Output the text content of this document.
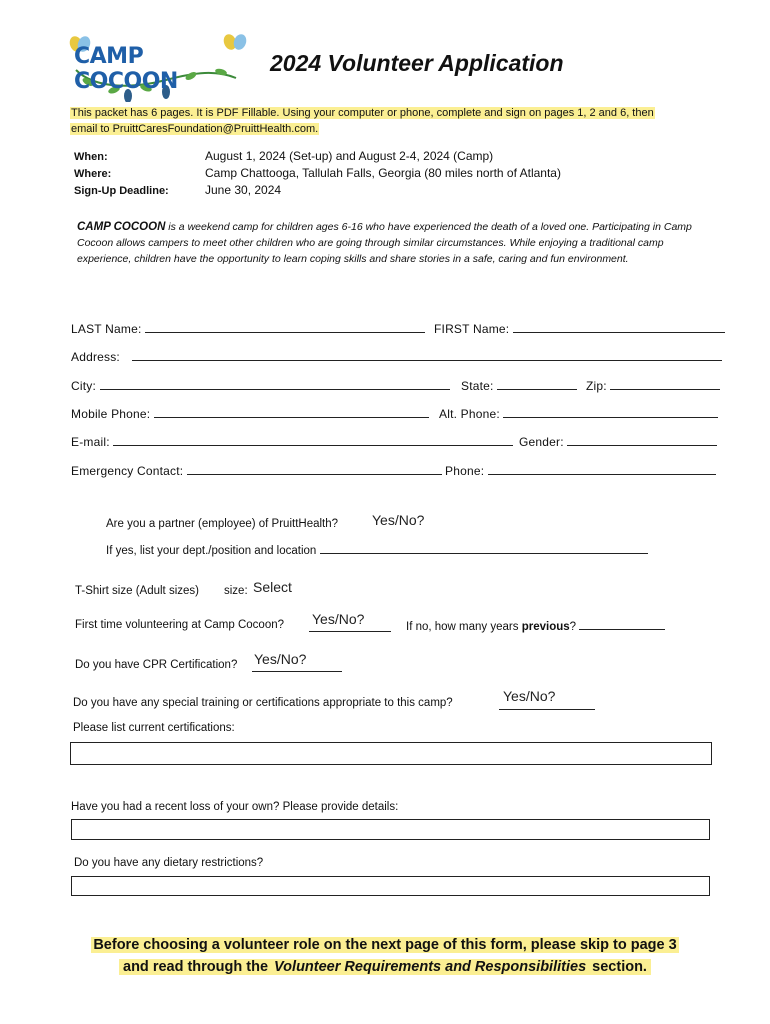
CAMP COCOON
2024 Volunteer Application
This packet has 6 pages. It is PDF Fillable. Using your computer or phone, complete and sign on pages 1, 2 and 6, then
email to PruittCaresFoundation@PruittHealth.com.
When:	August 1, 2024 (Set-up) and August 2-4, 2024 (Camp)
Where:	Camp Chattooga, Tallulah Falls, Georgia (80 miles north of Atlanta)
Sign-Up Deadline:	June 30, 2024
CAMP COCOON is a weekend camp for children ages 6-16 who have experienced the death of a loved one. Participating in Camp Cocoon allows campers to meet other children who are going through similar circumstances. While enjoying a traditional camp experience, children have the opportunity to learn coping skills and share stories in a safe, caring and fun environment.
LAST Name:	FIRST Name:
Address:
City:	State:	Zip:
Mobile Phone:	Alt. Phone:
E-mail:	Gender:
Emergency Contact:	Phone:
Are you a partner (employee) of PruittHealth? Yes/No?
If yes, list your dept./position and location
T-Shirt size (Adult sizes) size: Select
First time volunteering at Camp Cocoon? Yes/No?	If no, how many years previous?
Do you have CPR Certification? Yes/No?
Do you have any special training or certifications appropriate to this camp?	Yes/No?
Please list current certifications:
Have you had a recent loss of your own? Please provide details:
Do you have any dietary restrictions?
Before choosing a volunteer role on the next page of this form, please skip to page 3
and read through the Volunteer Requirements and Responsibilities section.
